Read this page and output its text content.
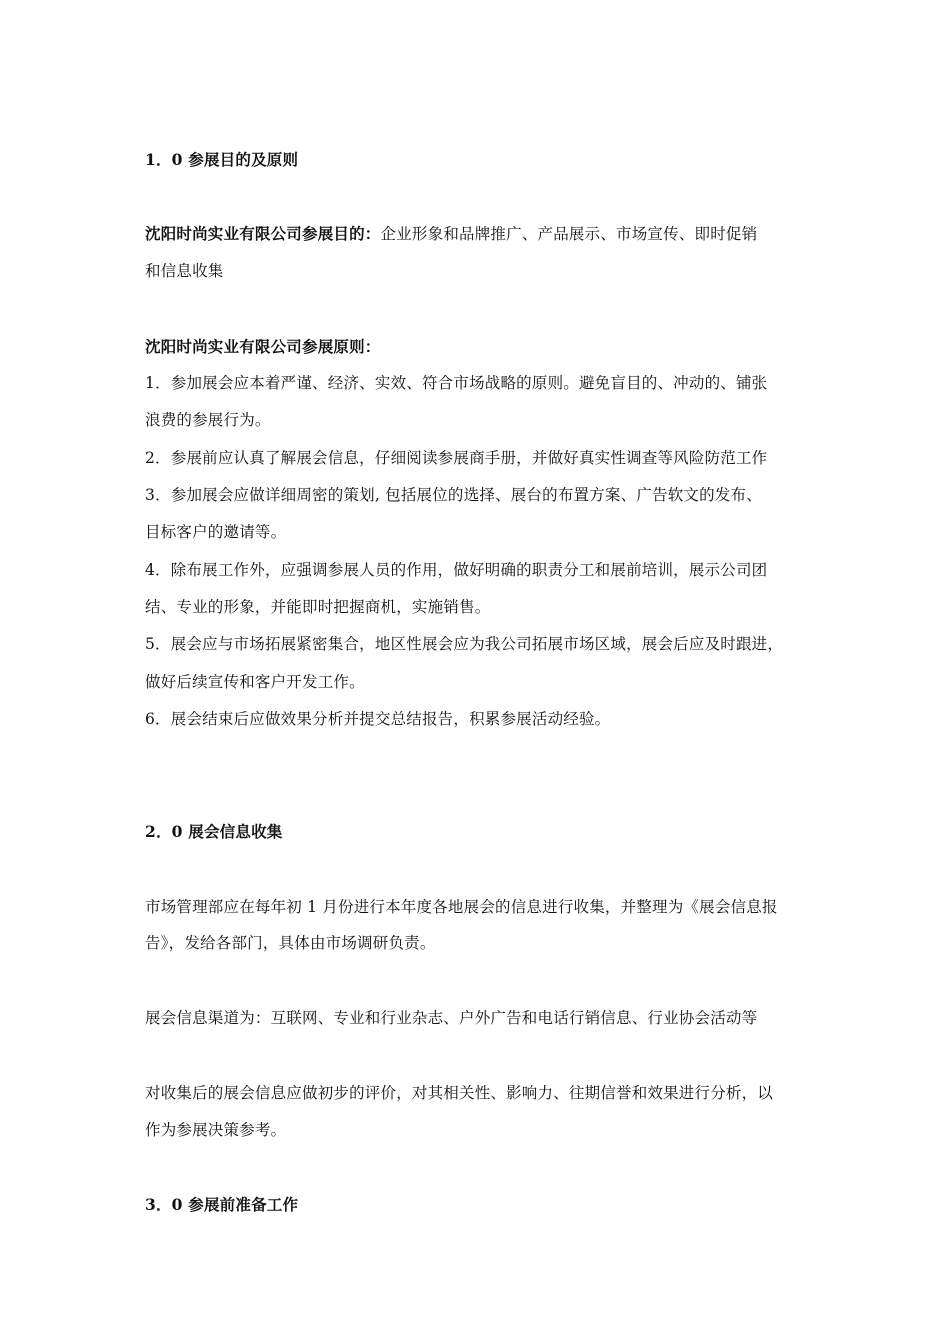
1．0 参展目的及原则
沈阳时尚实业有限公司参展目的：企业形象和品牌推广、产品展示、市场宣传、即时促销
和信息收集
沈阳时尚实业有限公司参展原则：
1．参加展会应本着严谨、经济、实效、符合市场战略的原则。避免盲目的、冲动的、铺张
浪费的参展行为。
2．参展前应认真了解展会信息，仔细阅读参展商手册，并做好真实性调查等风险防范工作
3．参加展会应做详细周密的策划, 包括展位的选择、展台的布置方案、广告软文的发布、
目标客户的邀请等。
4．除布展工作外，应强调参展人员的作用，做好明确的职责分工和展前培训，展示公司团
结、专业的形象，并能即时把握商机，实施销售。
5．展会应与市场拓展紧密集合，地区性展会应为我公司拓展市场区域，展会后应及时跟进，
做好后续宣传和客户开发工作。
6．展会结束后应做效果分析并提交总结报告，积累参展活动经验。
2．0 展会信息收集
市场管理部应在每年初 1 月份进行本年度各地展会的信息进行收集，并整理为《展会信息报
告》，发给各部门，具体由市场调研负责。
展会信息渠道为：互联网、专业和行业杂志、户外广告和电话行销信息、行业协会活动等
对收集后的展会信息应做初步的评价，对其相关性、影响力、往期信誉和效果进行分析，以
作为参展决策参考。
3．0 参展前准备工作
